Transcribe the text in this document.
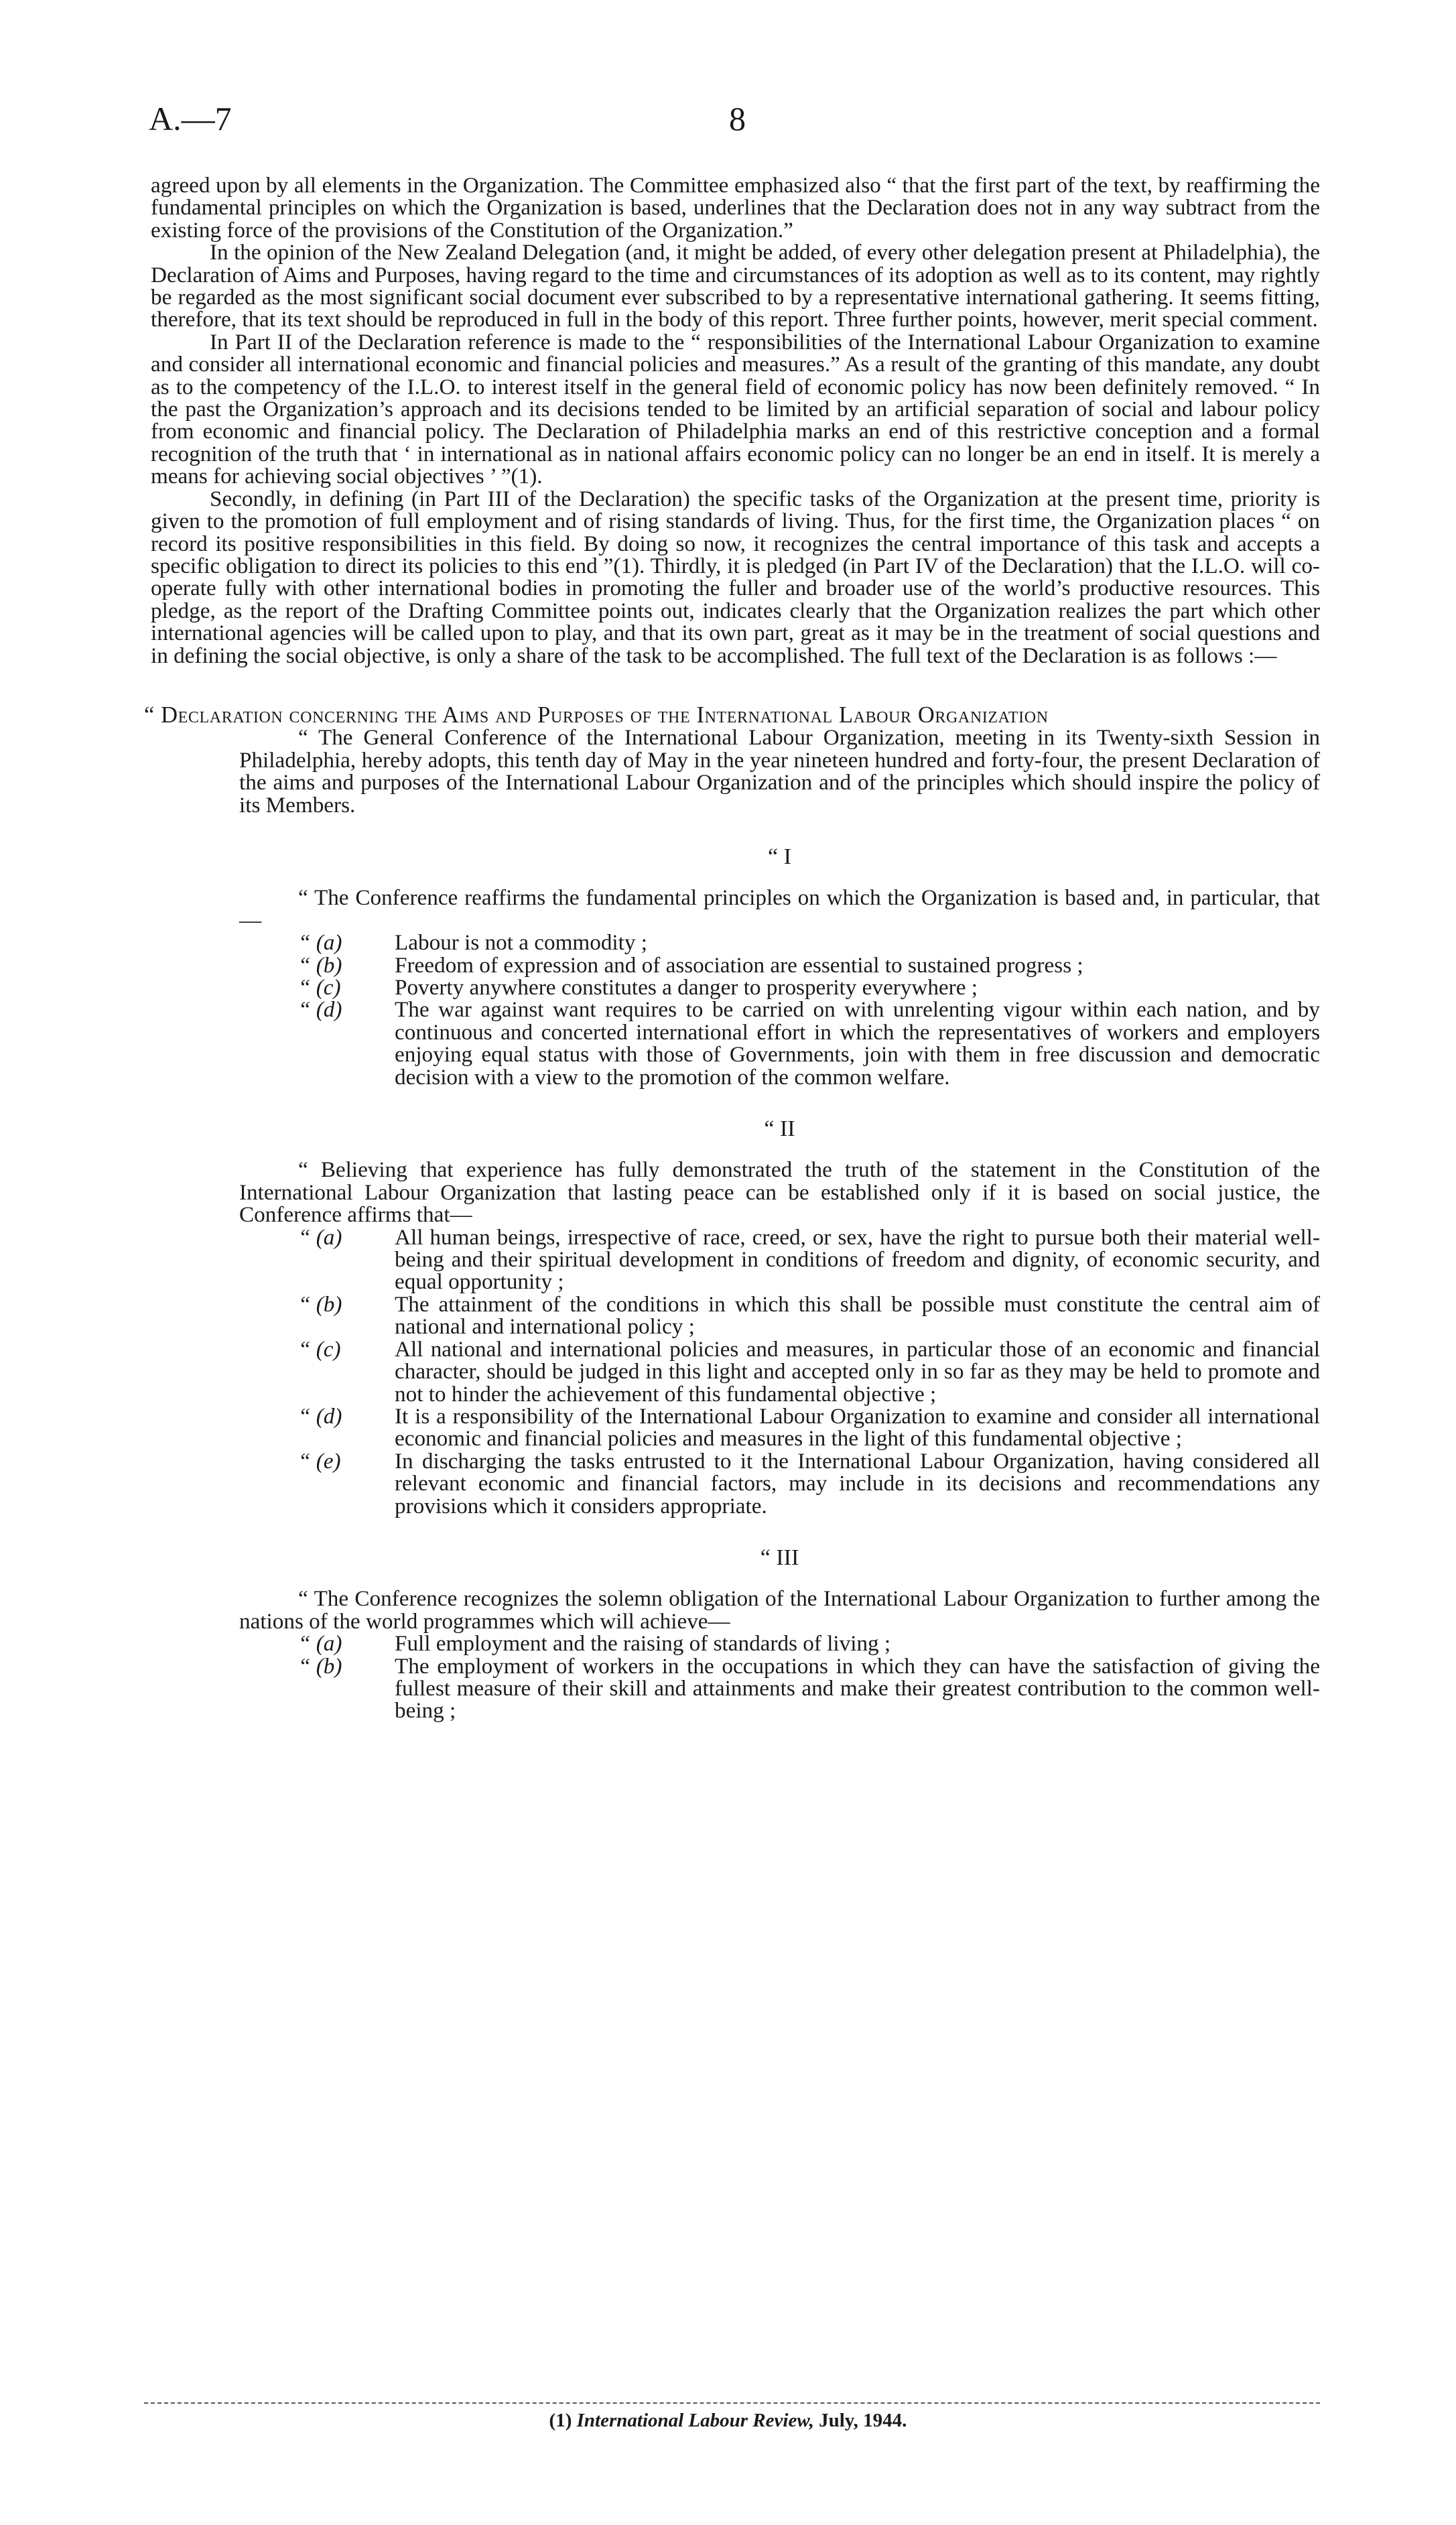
A.—7	8

agreed upon by all elements in the Organization. The Committee emphasized also “ that the first part of the text, by reaffirming the fundamental principles on which the Organization is based, underlines that the Declaration does not in any way subtract from the existing force of the provisions of the Constitution of the Organization.”

In the opinion of the New Zealand Delegation (and, it might be added, of every other delegation present at Philadelphia), the Declaration of Aims and Purposes, having regard to the time and circumstances of its adoption as well as to its content, may rightly be regarded as the most significant social document ever subscribed to by a representative international gathering. It seems fitting, therefore, that its text should be reproduced in full in the body of this report. Three further points, however, merit special comment.

In Part II of the Declaration reference is made to the “ responsibilities of the International Labour Organization to examine and consider all international economic and financial policies and measures.” As a result of the granting of this mandate, any doubt as to the competency of the I.L.O. to interest itself in the general field of economic policy has now been definitely removed. “ In the past the Organization’s approach and its decisions tended to be limited by an artificial separation of social and labour policy from economic and financial policy. The Declaration of Philadelphia marks an end of this restrictive conception and a formal recognition of the truth that ‘ in international as in national affairs economic policy can no longer be an end in itself. It is merely a means for achieving social objectives ’ ”(1).

Secondly, in defining (in Part III of the Declaration) the specific tasks of the Organization at the present time, priority is given to the promotion of full employment and of rising standards of living. Thus, for the first time, the Organization places “ on record its positive responsibilities in this field. By doing so now, it recognizes the central importance of this task and accepts a specific obligation to direct its policies to this end ”(1). Thirdly, it is pledged (in Part IV of the Declaration) that the I.L.O. will co-operate fully with other international bodies in promoting the fuller and broader use of the world’s productive resources. This pledge, as the report of the Drafting Committee points out, indicates clearly that the Organization realizes the part which other international agencies will be called upon to play, and that its own part, great as it may be in the treatment of social questions and in defining the social objective, is only a share of the task to be accomplished. The full text of the Declaration is as follows :—

“ Declaration concerning the Aims and Purposes of the International Labour Organization

“ The General Conference of the International Labour Organization, meeting in its Twenty-sixth Session in Philadelphia, hereby adopts, this tenth day of May in the year nineteen hundred and forty-four, the present Declaration of the aims and purposes of the International Labour Organization and of the principles which should inspire the policy of its Members.

“ I

“ The Conference reaffirms the fundamental principles on which the Organization is based and, in particular, that—

“ (a) Labour is not a commodity ;

“ (b) Freedom of expression and of association are essential to sustained progress ;

“ (c) Poverty anywhere constitutes a danger to prosperity everywhere ;

“ (d) The war against want requires to be carried on with unrelenting vigour within each nation, and by continuous and concerted international effort in which the representatives of workers and employers enjoying equal status with those of Governments, join with them in free discussion and democratic decision with a view to the promotion of the common welfare.

“ II

“ Believing that experience has fully demonstrated the truth of the statement in the Constitution of the International Labour Organization that lasting peace can be established only if it is based on social justice, the Conference affirms that—

“ (a) All human beings, irrespective of race, creed, or sex, have the right to pursue both their material well-being and their spiritual development in conditions of freedom and dignity, of economic security, and equal opportunity ;

“ (b) The attainment of the conditions in which this shall be possible must constitute the central aim of national and international policy ;

“ (c) All national and international policies and measures, in particular those of an economic and financial character, should be judged in this light and accepted only in so far as they may be held to promote and not to hinder the achievement of this fundamental objective ;

“ (d) It is a responsibility of the International Labour Organization to examine and consider all international economic and financial policies and measures in the light of this fundamental objective ;

“ (e) In discharging the tasks entrusted to it the International Labour Organization, having considered all relevant economic and financial factors, may include in its decisions and recommendations any provisions which it considers appropriate.

“ III

“ The Conference recognizes the solemn obligation of the International Labour Organization to further among the nations of the world programmes which will achieve—

“ (a) Full employment and the raising of standards of living ;

“ (b) The employment of workers in the occupations in which they can have the satisfaction of giving the fullest measure of their skill and attainments and make their greatest contribution to the common well-being ;

(1) International Labour Review, July, 1944.
